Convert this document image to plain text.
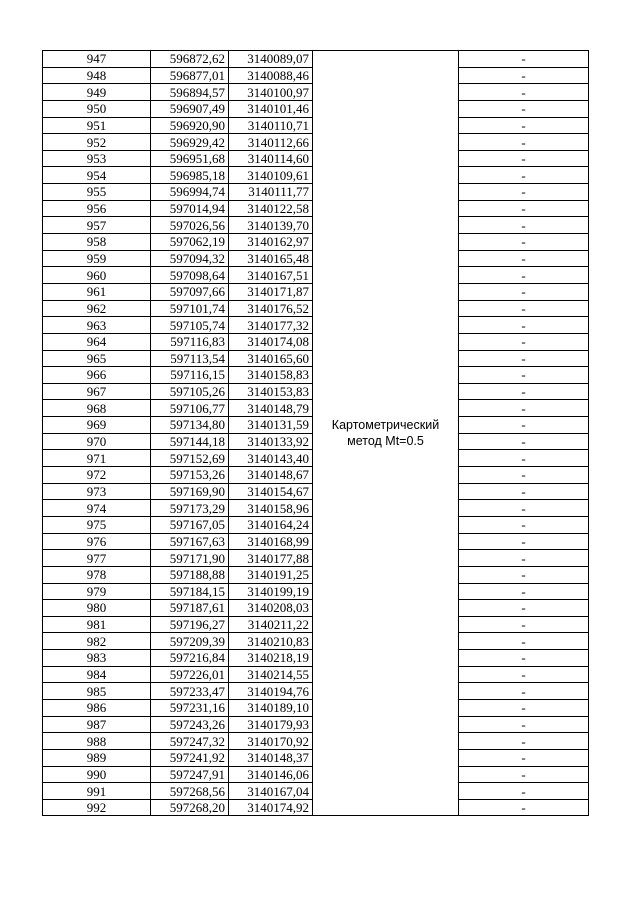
947	596872,62	3140089,07	Картометрический метод Mt=0.5	-
948	596877,01	3140088,46		-
949	596894,57	3140100,97		-
950	596907,49	3140101,46		-
951	596920,90	3140110,71		-
952	596929,42	3140112,66		-
953	596951,68	3140114,60		-
954	596985,18	3140109,61		-
955	596994,74	3140111,77		-
956	597014,94	3140122,58		-
957	597026,56	3140139,70		-
958	597062,19	3140162,97		-
959	597094,32	3140165,48		-
960	597098,64	3140167,51		-
961	597097,66	3140171,87		-
962	597101,74	3140176,52		-
963	597105,74	3140177,32		-
964	597116,83	3140174,08		-
965	597113,54	3140165,60		-
966	597116,15	3140158,83		-
967	597105,26	3140153,83		-
968	597106,77	3140148,79		-
969	597134,80	3140131,59		-
970	597144,18	3140133,92		-
971	597152,69	3140143,40		-
972	597153,26	3140148,67		-
973	597169,90	3140154,67		-
974	597173,29	3140158,96		-
975	597167,05	3140164,24		-
976	597167,63	3140168,99		-
977	597171,90	3140177,88		-
978	597188,88	3140191,25		-
979	597184,15	3140199,19		-
980	597187,61	3140208,03		-
981	597196,27	3140211,22		-
982	597209,39	3140210,83		-
983	597216,84	3140218,19		-
984	597226,01	3140214,55		-
985	597233,47	3140194,76		-
986	597231,16	3140189,10		-
987	597243,26	3140179,93		-
988	597247,32	3140170,92		-
989	597241,92	3140148,37		-
990	597247,91	3140146,06		-
991	597268,56	3140167,04		-
992	597268,20	3140174,92		-
